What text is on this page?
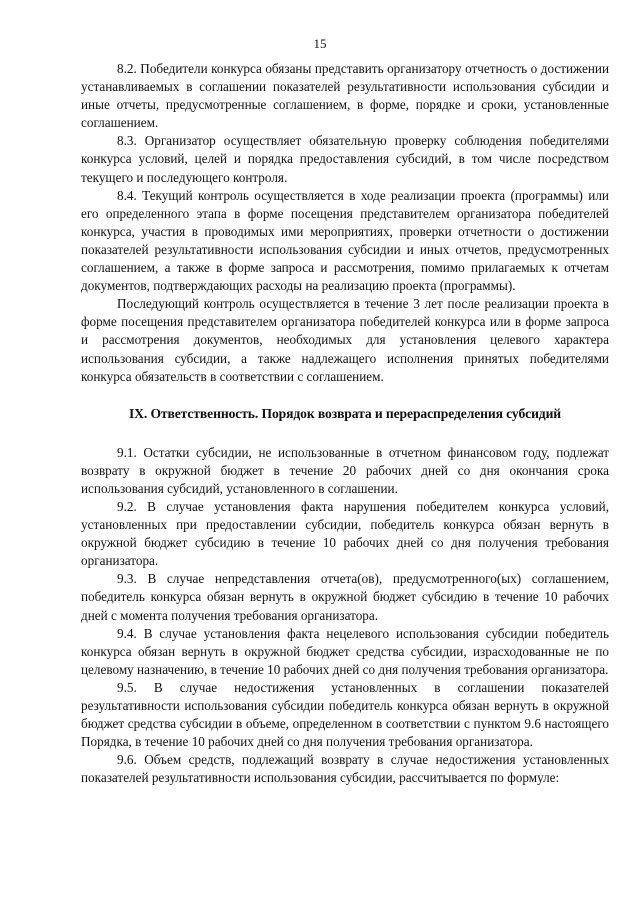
15

8.2. Победители конкурса обязаны представить организатору отчетность о достижении устанавливаемых в соглашении показателей результативности использования субсидии и иные отчеты, предусмотренные соглашением, в форме, порядке и сроки, установленные соглашением.

8.3. Организатор осуществляет обязательную проверку соблюдения победителями конкурса условий, целей и порядка предоставления субсидий, в том числе посредством текущего и последующего контроля.

8.4. Текущий контроль осуществляется в ходе реализации проекта (программы) или его определенного этапа в форме посещения представителем организатора победителей конкурса, участия в проводимых ими мероприятиях, проверки отчетности о достижении показателей результативности использования субсидии и иных отчетов, предусмотренных соглашением, а также в форме запроса и рассмотрения, помимо прилагаемых к отчетам документов, подтверждающих расходы на реализацию проекта (программы).

Последующий контроль осуществляется в течение 3 лет после реализации проекта в форме посещения представителем организатора победителей конкурса или в форме запроса и рассмотрения документов, необходимых для установления целевого характера использования субсидии, а также надлежащего исполнения принятых победителями конкурса обязательств в соответствии с соглашением.

IX. Ответственность. Порядок возврата и перераспределения субсидий

9.1. Остатки субсидии, не использованные в отчетном финансовом году, подлежат возврату в окружной бюджет в течение 20 рабочих дней со дня окончания срока использования субсидий, установленного в соглашении.

9.2. В случае установления факта нарушения победителем конкурса условий, установленных при предоставлении субсидии, победитель конкурса обязан вернуть в окружной бюджет субсидию в течение 10 рабочих дней со дня получения требования организатора.

9.3. В случае непредставления отчета(ов), предусмотренного(ых) соглашением, победитель конкурса обязан вернуть в окружной бюджет субсидию в течение 10 рабочих дней с момента получения требования организатора.

9.4. В случае установления факта нецелевого использования субсидии победитель конкурса обязан вернуть в окружной бюджет средства субсидии, израсходованные не по целевому назначению, в течение 10 рабочих дней со дня получения требования организатора.

9.5. В случае недостижения установленных в соглашении показателей результативности использования субсидии победитель конкурса обязан вернуть в окружной бюджет средства субсидии в объеме, определенном в соответствии с пунктом 9.6 настоящего Порядка, в течение 10 рабочих дней со дня получения требования организатора.

9.6. Объем средств, подлежащий возврату в случае недостижения установленных показателей результативности использования субсидии, рассчитывается по формуле:
